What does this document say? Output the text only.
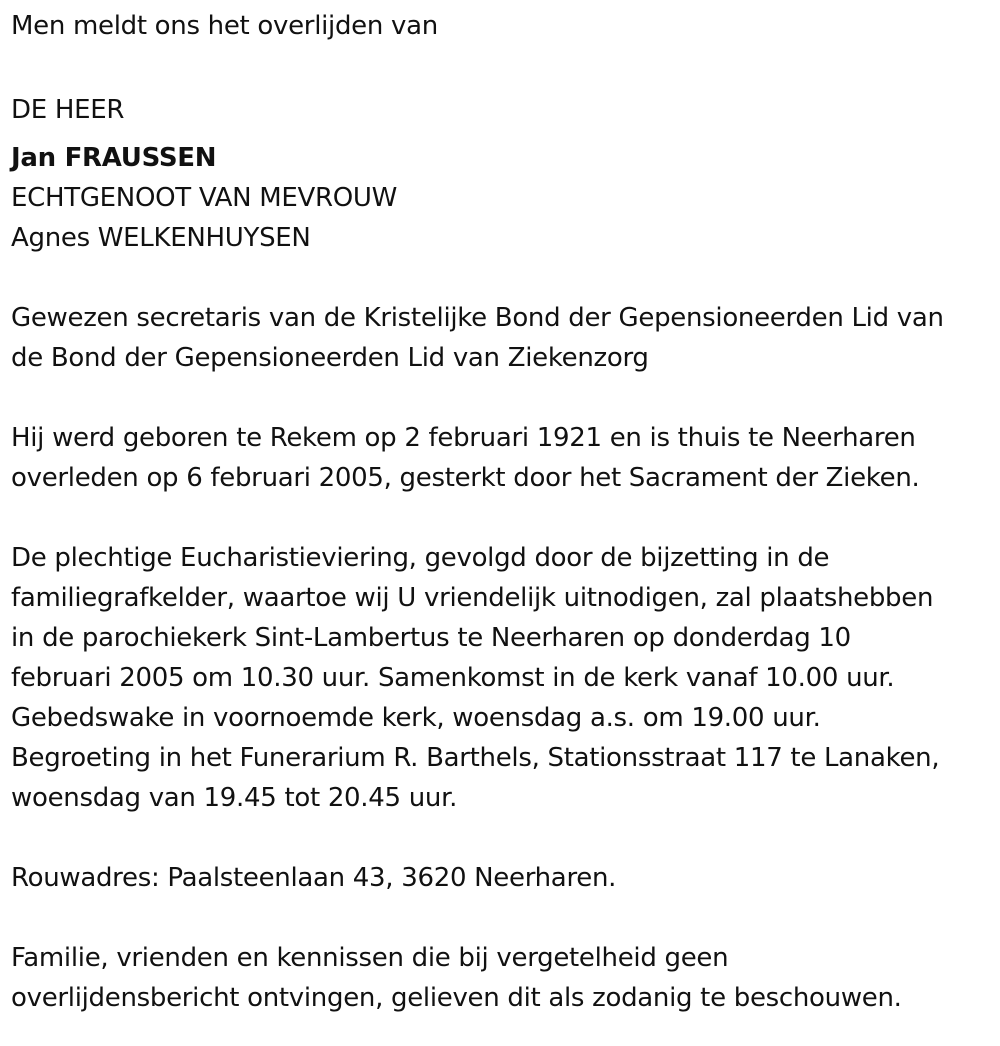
Men meldt ons het overlijden van
DE HEER
Jan FRAUSSEN
ECHTGENOOT VAN MEVROUW
Agnes WELKENHUYSEN
Gewezen secretaris van de Kristelijke Bond der Gepensioneerden Lid van
de Bond der Gepensioneerden Lid van Ziekenzorg
Hij werd geboren te Rekem op 2 februari 1921 en is thuis te Neerharen
overleden op 6 februari 2005, gesterkt door het Sacrament der Zieken.
De plechtige Eucharistieviering, gevolgd door de bijzetting in de
familiegrafkelder, waartoe wij U vriendelijk uitnodigen, zal plaatshebben
in de parochiekerk Sint-Lambertus te Neerharen op donderdag 10
februari 2005 om 10.30 uur. Samenkomst in de kerk vanaf 10.00 uur.
Gebedswake in voornoemde kerk, woensdag a.s. om 19.00 uur.
Begroeting in het Funerarium R. Barthels, Stationsstraat 117 te Lanaken,
woensdag van 19.45 tot 20.45 uur.
Rouwadres: Paalsteenlaan 43, 3620 Neerharen.
Familie, vrienden en kennissen die bij vergetelheid geen
overlijdensbericht ontvingen, gelieven dit als zodanig te beschouwen.
